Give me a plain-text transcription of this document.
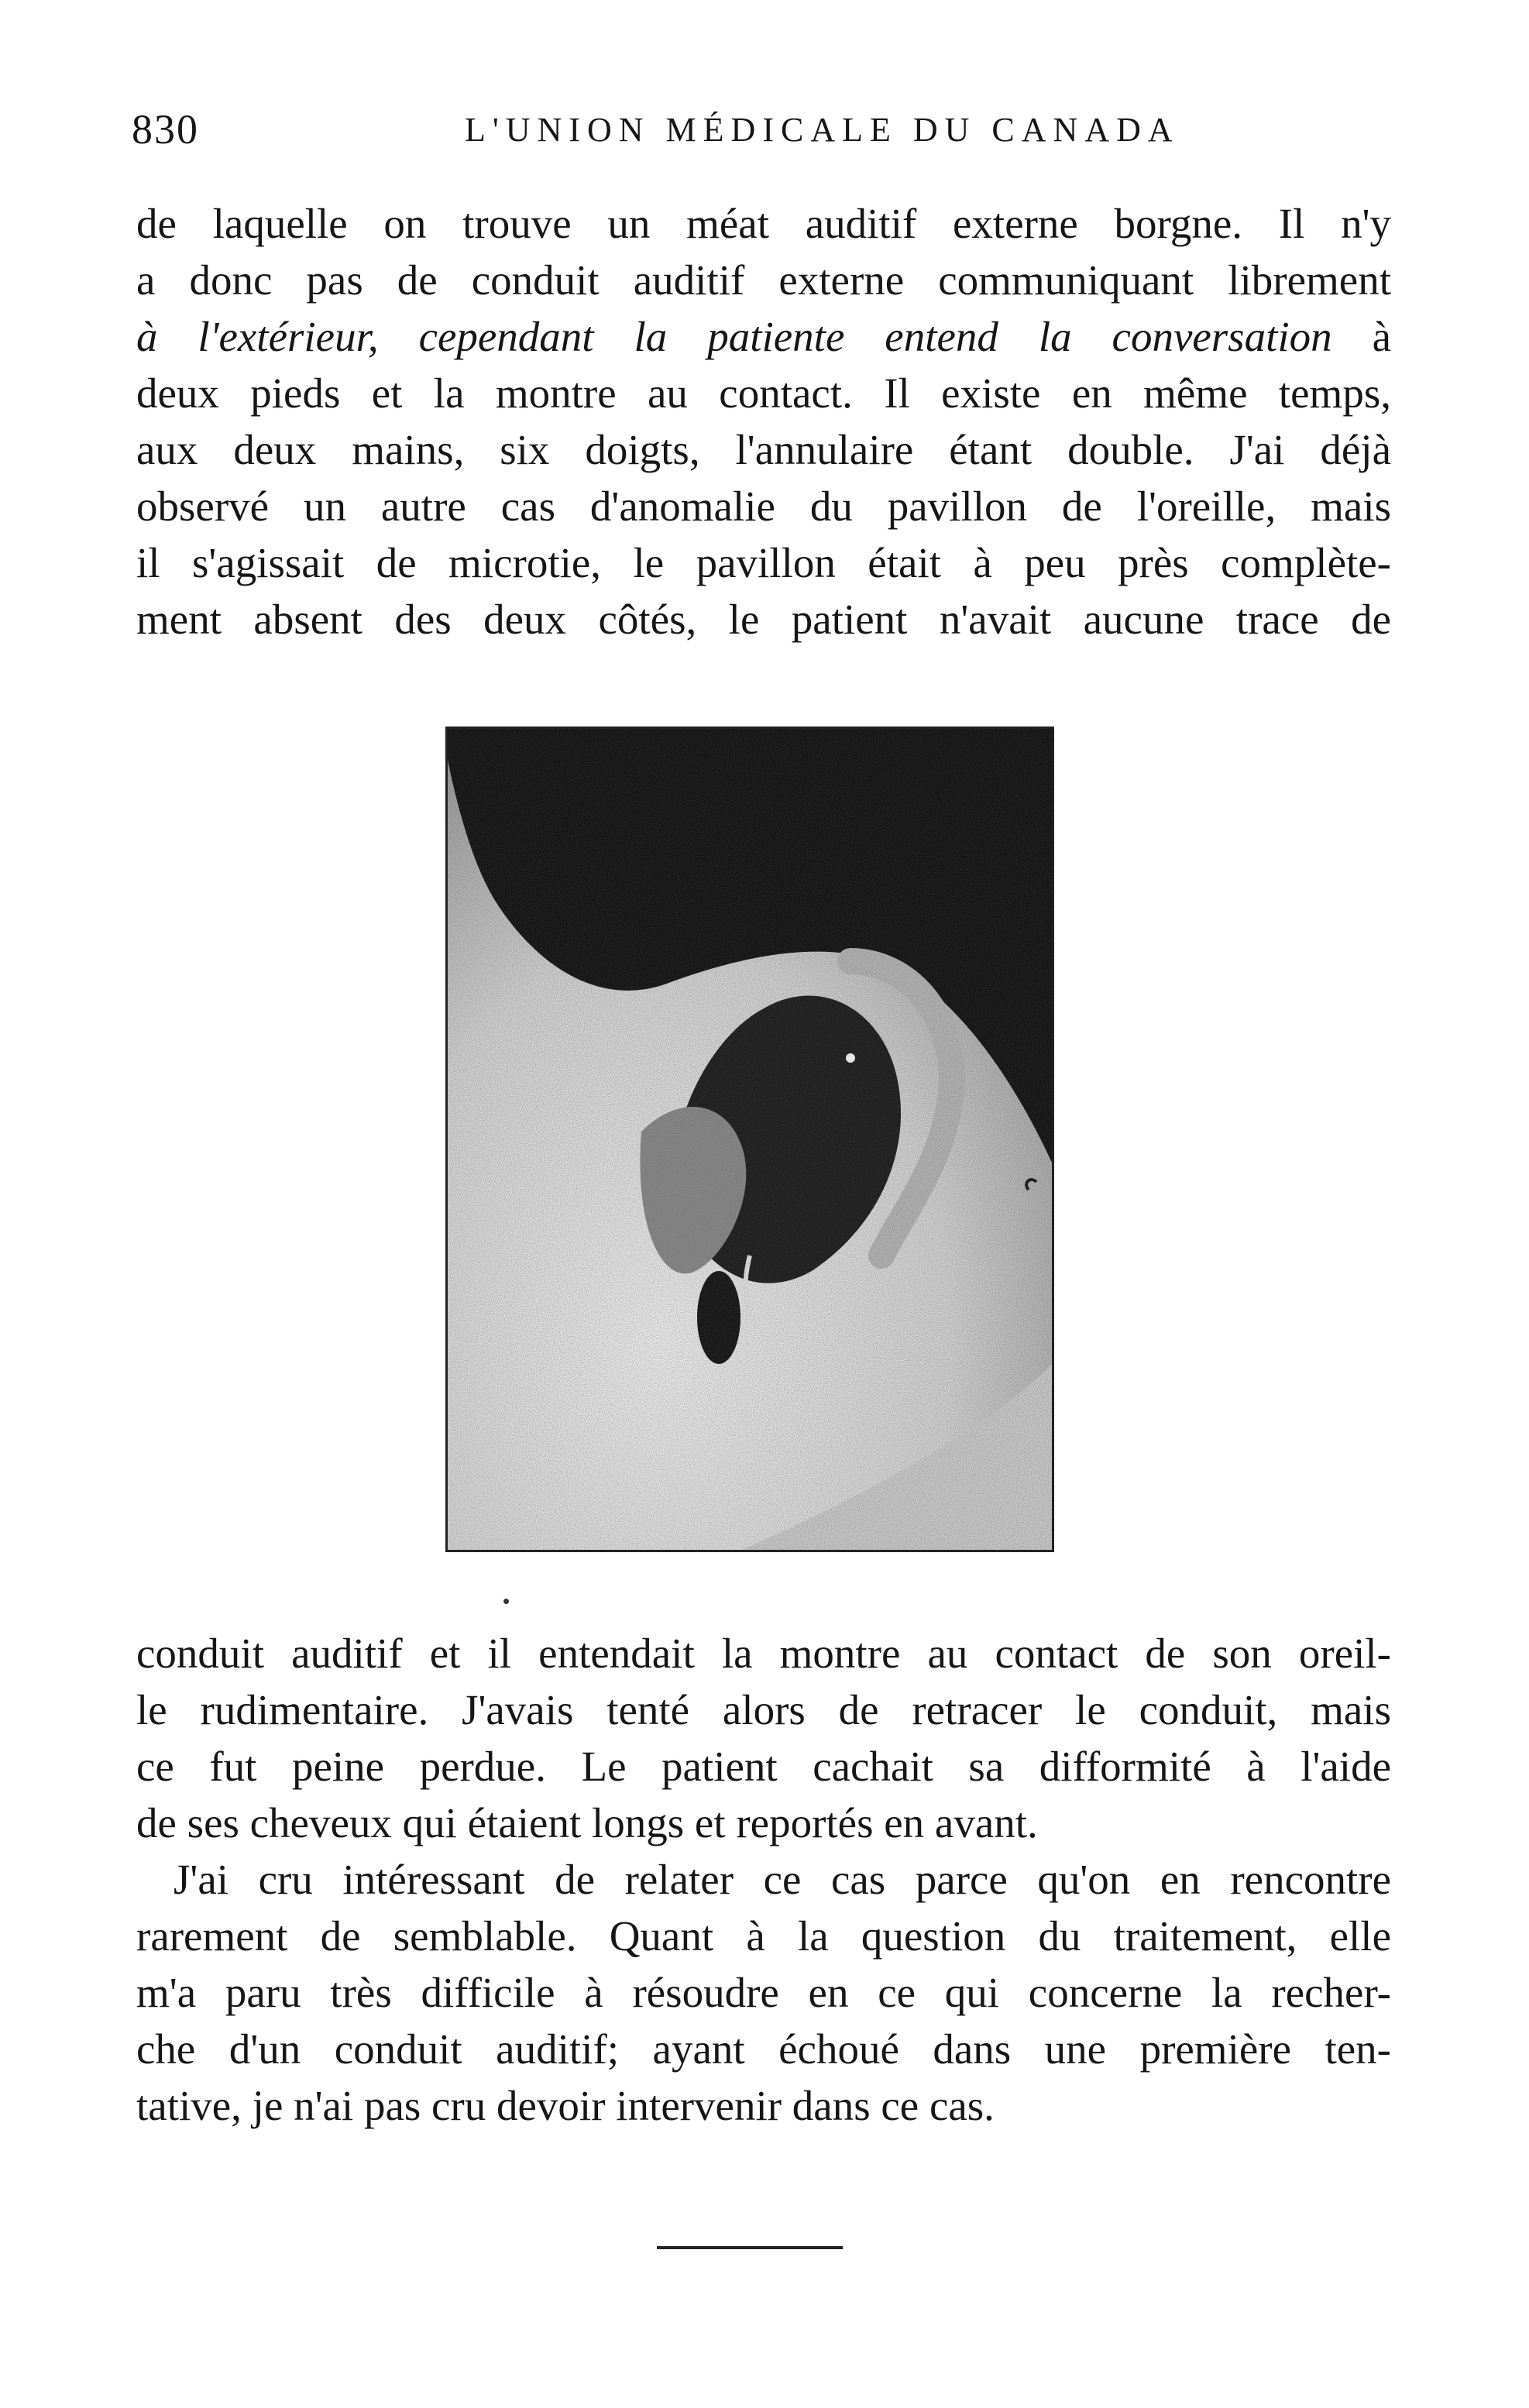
830	L'UNION MÉDICALE DU CANADA
de laquelle on trouve un méat auditif externe borgne. Il n'y
a donc pas de conduit auditif externe communiquant librement
à l'extérieur, cependant la patiente entend la conversation à
deux pieds et la montre au contact. Il existe en même temps,
aux deux mains, six doigts, l'annulaire étant double. J'ai déjà
observé un autre cas d'anomalie du pavillon de l'oreille, mais
il s'agissait de microtie, le pavillon était à peu près complète-
ment absent des deux côtés, le patient n'avait aucune trace de
conduit auditif et il entendait la montre au contact de son oreil-
le rudimentaire. J'avais tenté alors de retracer le conduit, mais
ce fut peine perdue. Le patient cachait sa difformité à l'aide
de ses cheveux qui étaient longs et reportés en avant.
J'ai cru intéressant de relater ce cas parce qu'on en rencontre
rarement de semblable. Quant à la question du traitement, elle
m'a paru très difficile à résoudre en ce qui concerne la recher-
che d'un conduit auditif; ayant échoué dans une première ten-
tative, je n'ai pas cru devoir intervenir dans ce cas.
